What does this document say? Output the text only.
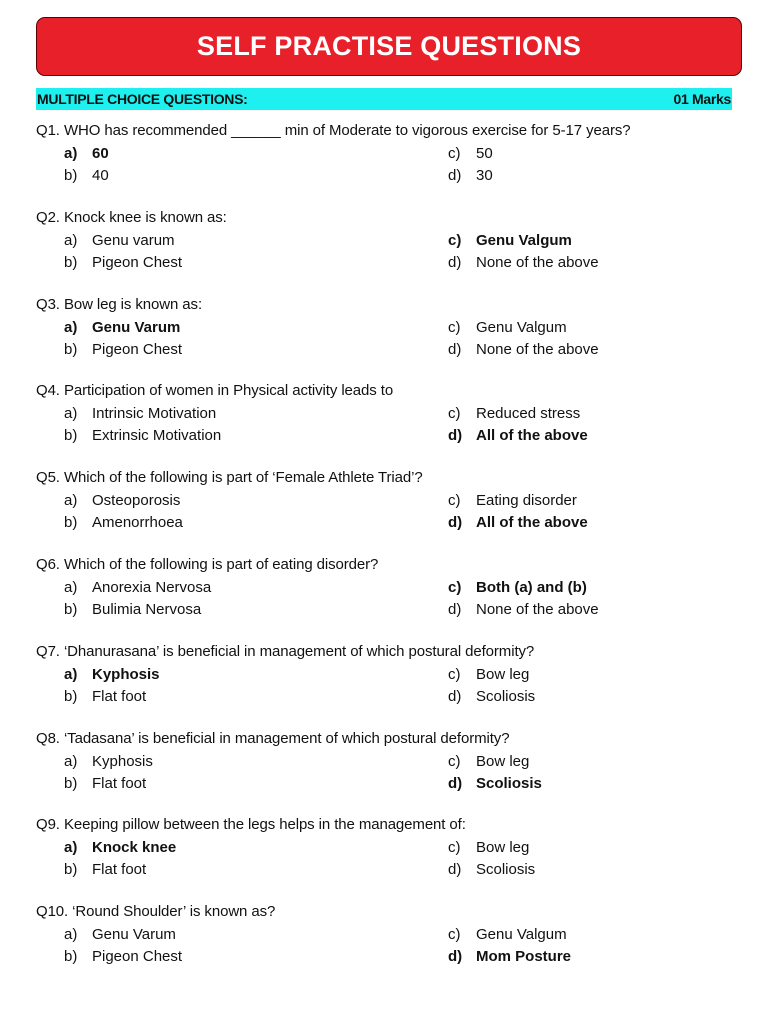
SELF PRACTISE QUESTIONS
MULTIPLE CHOICE QUESTIONS:	01 Marks
Q1. WHO has recommended ______ min of Moderate to vigorous exercise for 5-17 years?
a) 60
b) 40
c) 50
d) 30
Q2. Knock knee is known as:
a) Genu varum
b) Pigeon Chest
c) Genu Valgum
d) None of the above
Q3. Bow leg is known as:
a) Genu Varum
b) Pigeon Chest
c) Genu Valgum
d) None of the above
Q4. Participation of women in Physical activity leads to
a) Intrinsic Motivation
b) Extrinsic Motivation
c) Reduced stress
d) All of the above
Q5. Which of the following is part of ‘Female Athlete Triad’?
a) Osteoporosis
b) Amenorrhoea
c) Eating disorder
d) All of the above
Q6. Which of the following is part of eating disorder?
a) Anorexia Nervosa
b) Bulimia Nervosa
c) Both (a) and (b)
d) None of the above
Q7. ‘Dhanurasana’ is beneficial in management of which postural deformity?
a) Kyphosis
b) Flat foot
c) Bow leg
d) Scoliosis
Q8. ‘Tadasana’ is beneficial in management of which postural deformity?
a) Kyphosis
b) Flat foot
c) Bow leg
d) Scoliosis
Q9. Keeping pillow between the legs helps in the management of:
a) Knock knee
b) Flat foot
c) Bow leg
d) Scoliosis
Q10. ‘Round Shoulder’ is known as?
a) Genu Varum
b) Pigeon Chest
c) Genu Valgum
d) Mom Posture
